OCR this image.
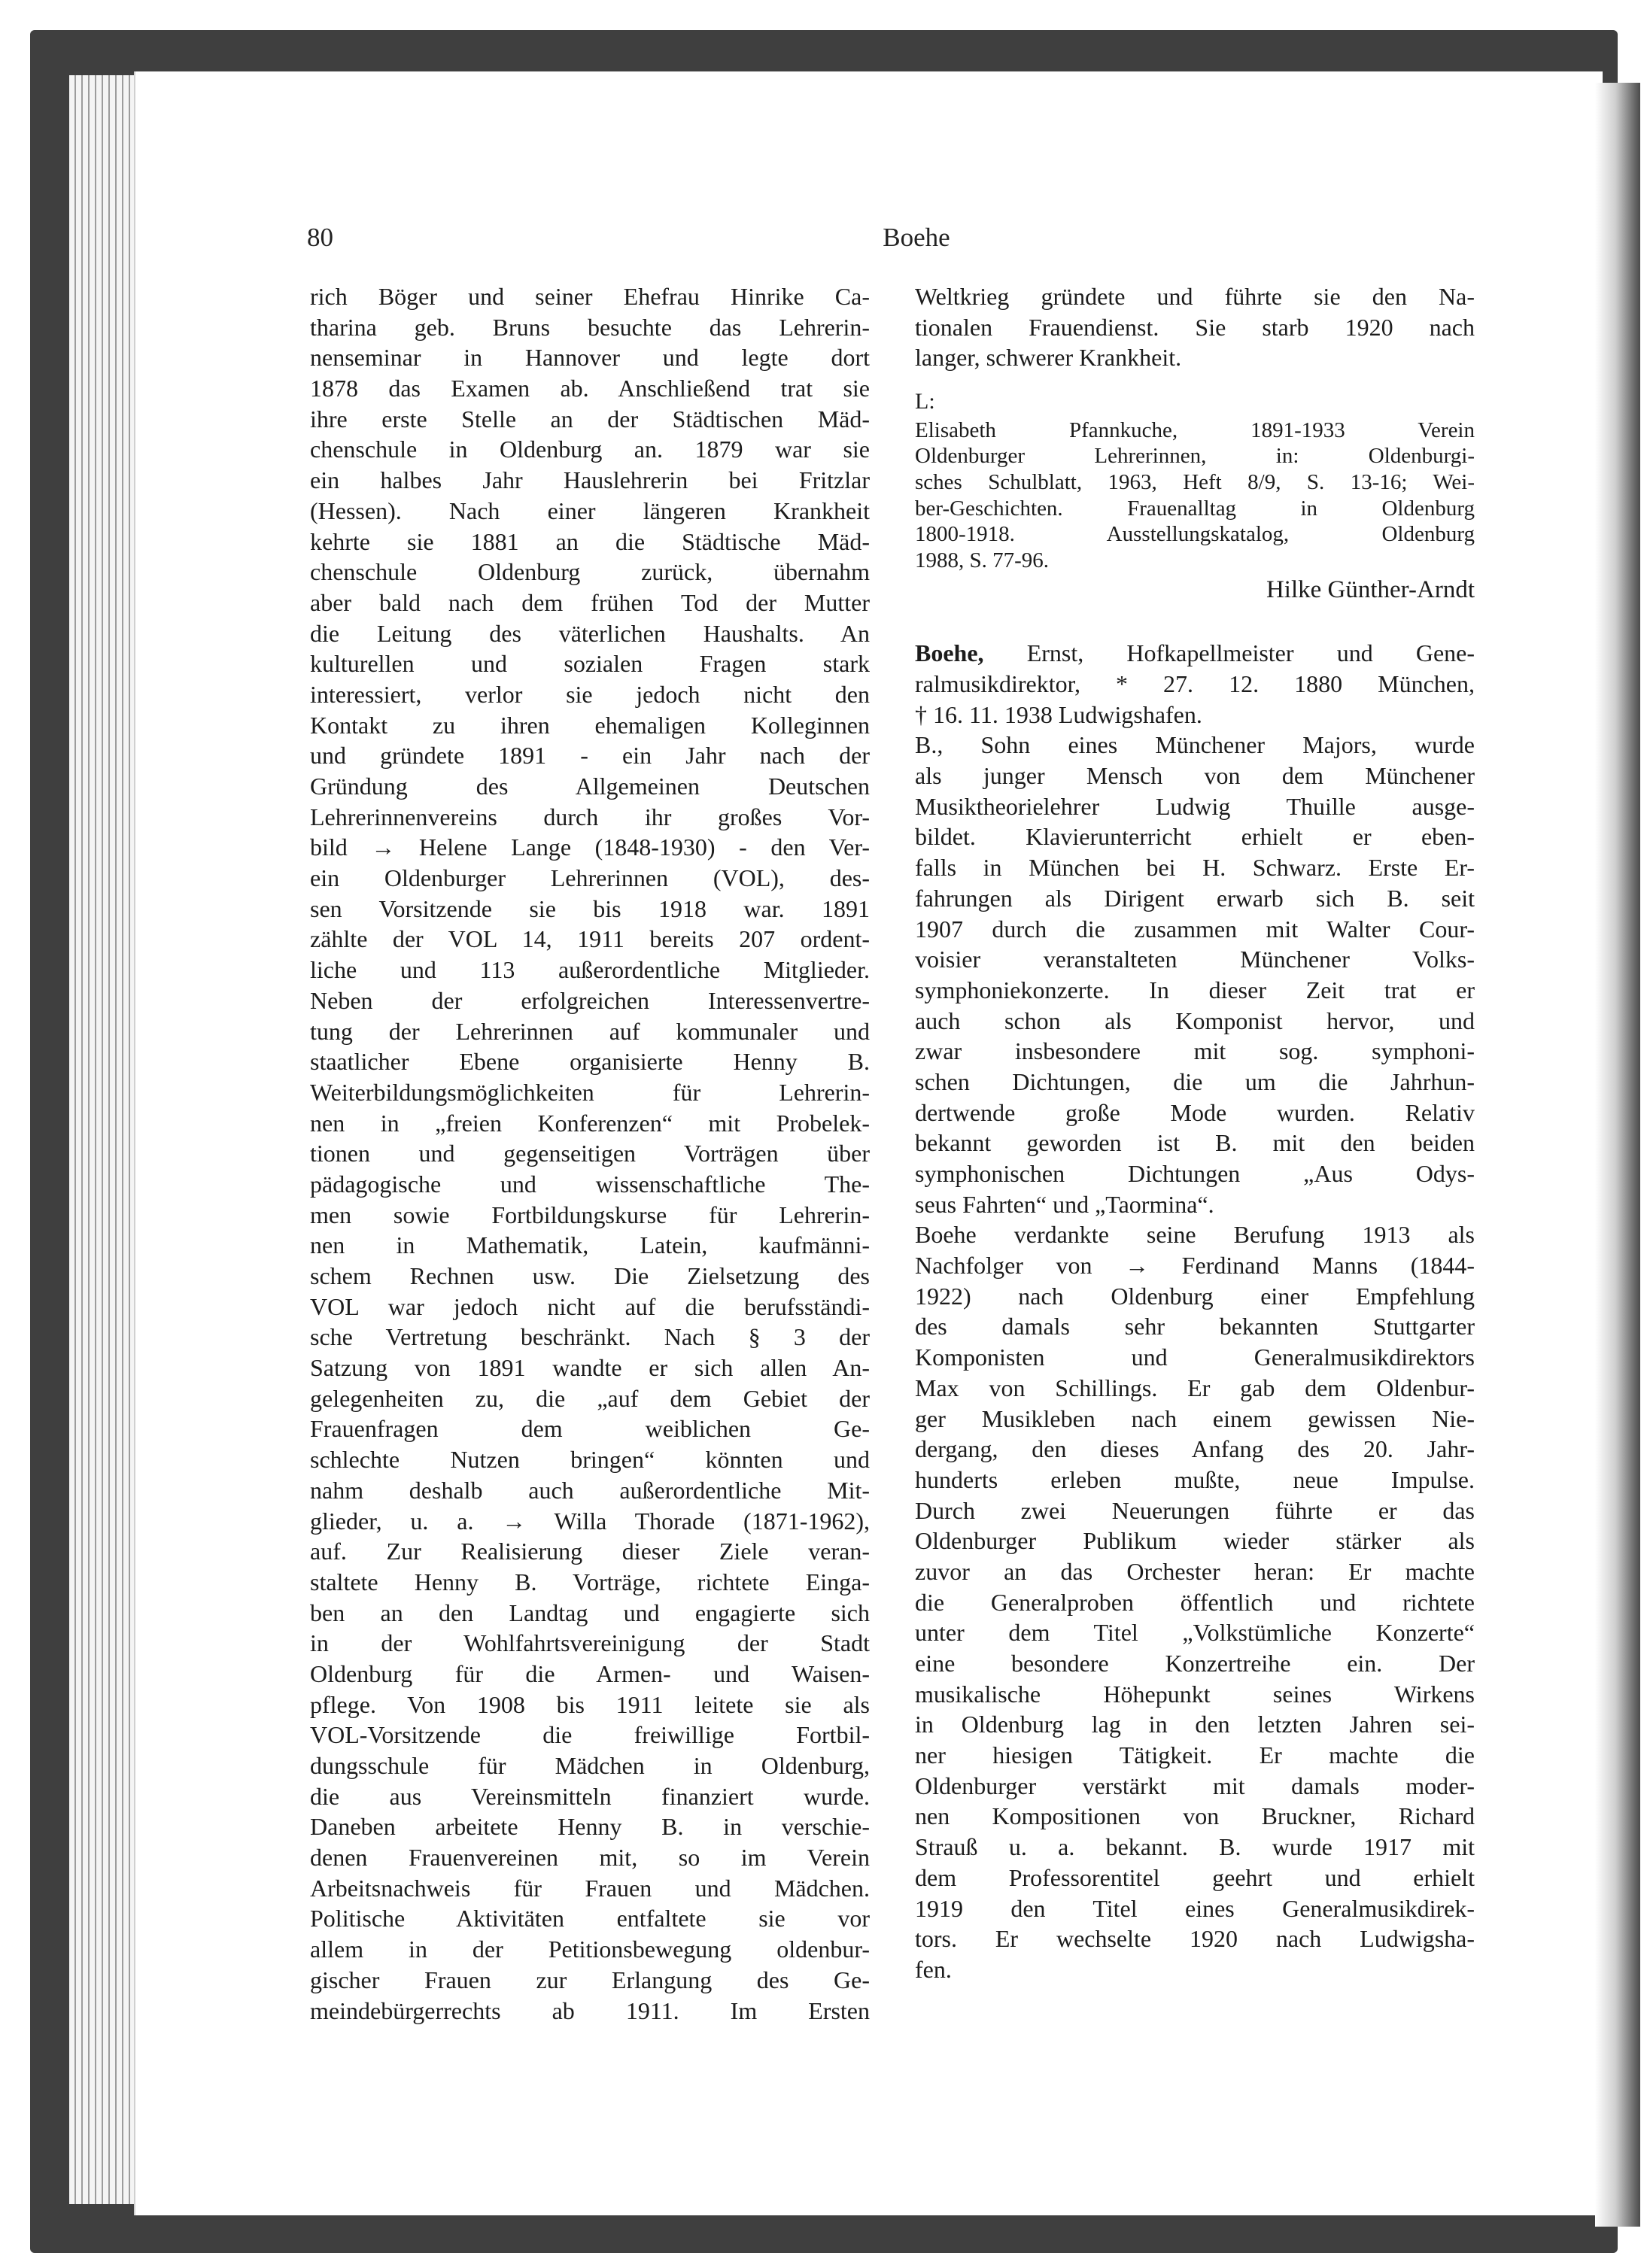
80	Boehe
rich Böger und seiner Ehefrau Hinrike Ca-
tharina geb. Bruns besuchte das Lehrerin-
nenseminar in Hannover und legte dort
1878 das Examen ab. Anschließend trat sie
ihre erste Stelle an der Städtischen Mäd-
chenschule in Oldenburg an. 1879 war sie
ein halbes Jahr Hauslehrerin bei Fritzlar
(Hessen). Nach einer längeren Krankheit
kehrte sie 1881 an die Städtische Mäd-
chenschule Oldenburg zurück, übernahm
aber bald nach dem frühen Tod der Mutter
die Leitung des väterlichen Haushalts. An
kulturellen und sozialen Fragen stark
interessiert, verlor sie jedoch nicht den
Kontakt zu ihren ehemaligen Kolleginnen
und gründete 1891 - ein Jahr nach der
Gründung des Allgemeinen Deutschen
Lehrerinnenvereins durch ihr großes Vor-
bild → Helene Lange (1848-1930) - den Ver-
ein Oldenburger Lehrerinnen (VOL), des-
sen Vorsitzende sie bis 1918 war. 1891
zählte der VOL 14, 1911 bereits 207 ordent-
liche und 113 außerordentliche Mitglieder.
Neben der erfolgreichen Interessenvertre-
tung der Lehrerinnen auf kommunaler und
staatlicher Ebene organisierte Henny B.
Weiterbildungsmöglichkeiten für Lehrerin-
nen in „freien Konferenzen“ mit Probelek-
tionen und gegenseitigen Vorträgen über
pädagogische und wissenschaftliche The-
men sowie Fortbildungskurse für Lehrerin-
nen in Mathematik, Latein, kaufmänni-
schem Rechnen usw. Die Zielsetzung des
VOL war jedoch nicht auf die berufsständi-
sche Vertretung beschränkt. Nach § 3 der
Satzung von 1891 wandte er sich allen An-
gelegenheiten zu, die „auf dem Gebiet der
Frauenfragen dem weiblichen Ge-
schlechte Nutzen bringen“ könnten und
nahm deshalb auch außerordentliche Mit-
glieder, u. a. → Willa Thorade (1871-1962),
auf. Zur Realisierung dieser Ziele veran-
staltete Henny B. Vorträge, richtete Einga-
ben an den Landtag und engagierte sich
in der Wohlfahrtsvereinigung der Stadt
Oldenburg für die Armen- und Waisen-
pflege. Von 1908 bis 1911 leitete sie als
VOL-Vorsitzende die freiwillige Fortbil-
dungsschule für Mädchen in Oldenburg,
die aus Vereinsmitteln finanziert wurde.
Daneben arbeitete Henny B. in verschie-
denen Frauenvereinen mit, so im Verein
Arbeitsnachweis für Frauen und Mädchen.
Politische Aktivitäten entfaltete sie vor
allem in der Petitionsbewegung oldenbur-
gischer Frauen zur Erlangung des Ge-
meindebürgerrechts ab 1911. Im Ersten
Weltkrieg gründete und führte sie den Na-
tionalen Frauendienst. Sie starb 1920 nach
langer, schwerer Krankheit.
L:
Elisabeth Pfannkuche, 1891-1933 Verein
Oldenburger Lehrerinnen, in: Oldenburgi-
sches Schulblatt, 1963, Heft 8/9, S. 13-16; Wei-
ber-Geschichten. Frauenalltag in Oldenburg
1800-1918. Ausstellungskatalog, Oldenburg
1988, S. 77-96.
Hilke Günther-Arndt
Boehe, Ernst, Hofkapellmeister und Gene-
ralmusikdirektor, * 27. 12. 1880 München,
† 16. 11. 1938 Ludwigshafen.
B., Sohn eines Münchener Majors, wurde
als junger Mensch von dem Münchener
Musiktheorielehrer Ludwig Thuille ausge-
bildet. Klavierunterricht erhielt er eben-
falls in München bei H. Schwarz. Erste Er-
fahrungen als Dirigent erwarb sich B. seit
1907 durch die zusammen mit Walter Cour-
voisier veranstalteten Münchener Volks-
symphoniekonzerte. In dieser Zeit trat er
auch schon als Komponist hervor, und
zwar insbesondere mit sog. symphoni-
schen Dichtungen, die um die Jahrhun-
dertwende große Mode wurden. Relativ
bekannt geworden ist B. mit den beiden
symphonischen Dichtungen „Aus Odys-
seus Fahrten“ und „Taormina“.
Boehe verdankte seine Berufung 1913 als
Nachfolger von → Ferdinand Manns (1844-
1922) nach Oldenburg einer Empfehlung
des damals sehr bekannten Stuttgarter
Komponisten und Generalmusikdirektors
Max von Schillings. Er gab dem Oldenbur-
ger Musikleben nach einem gewissen Nie-
dergang, den dieses Anfang des 20. Jahr-
hunderts erleben mußte, neue Impulse.
Durch zwei Neuerungen führte er das
Oldenburger Publikum wieder stärker als
zuvor an das Orchester heran: Er machte
die Generalproben öffentlich und richtete
unter dem Titel „Volkstümliche Konzerte“
eine besondere Konzertreihe ein. Der
musikalische Höhepunkt seines Wirkens
in Oldenburg lag in den letzten Jahren sei-
ner hiesigen Tätigkeit. Er machte die
Oldenburger verstärkt mit damals moder-
nen Kompositionen von Bruckner, Richard
Strauß u. a. bekannt. B. wurde 1917 mit
dem Professorentitel geehrt und erhielt
1919 den Titel eines Generalmusikdirek-
tors. Er wechselte 1920 nach Ludwigsha-
fen.
